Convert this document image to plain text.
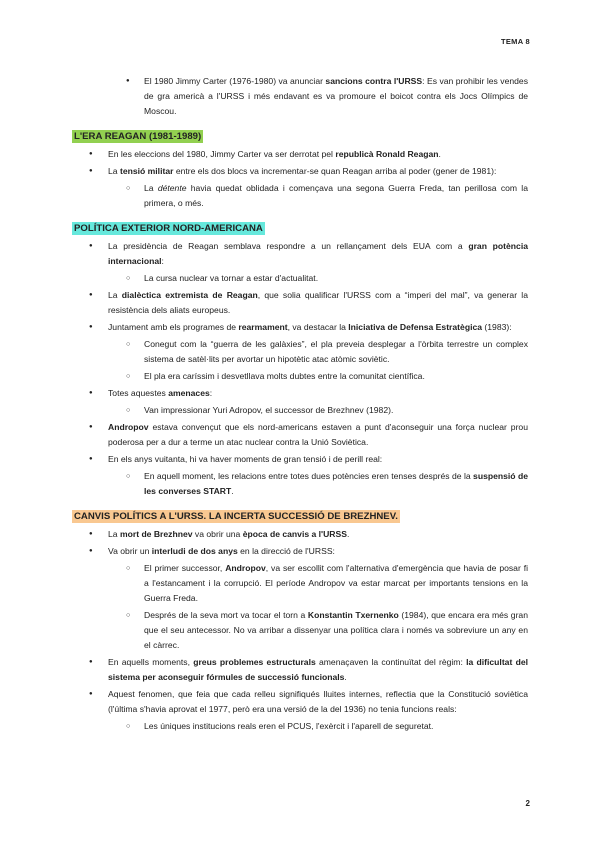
TEMA 8
● El 1980 Jimmy Carter (1976-1980) va anunciar sancions contra l'URSS: Es van prohibir les vendes de gra americà a l'URSS i més endavant es va promoure el boicot contra els Jocs Olímpics de Moscou.
L'ERA REAGAN (1981-1989)
● En les eleccions del 1980, Jimmy Carter va ser derrotat pel republicà Ronald Reagan.
● La tensió militar entre els dos blocs va incrementar-se quan Reagan arriba al poder (gener de 1981):
○ La détente havia quedat oblidada i començava una segona Guerra Freda, tan perillosa com la primera, o més.
POLÍTICA EXTERIOR NORD-AMERICANA
● La presidència de Reagan semblava respondre a un rellançament dels EUA com a gran potència internacional:
○ La cursa nuclear va tornar a estar d'actualitat.
● La dialèctica extremista de Reagan, que solia qualificar l'URSS com a “imperi del mal”, va generar la resistència dels aliats europeus.
● Juntament amb els programes de rearmament, va destacar la Iniciativa de Defensa Estratègica (1983):
○ Conegut com la “guerra de les galàxies”, el pla preveia desplegar a l'òrbita terrestre un complex sistema de satèl·lits per avortar un hipotètic atac atòmic soviètic.
○ El pla era caríssim i desvetllava molts dubtes entre la comunitat científica.
● Totes aquestes amenaces:
○ Van impressionar Yuri Adropov, el successor de Brezhnev (1982).
● Andropov estava convençut que els nord-americans estaven a punt d'aconseguir una força nuclear prou poderosa per a dur a terme un atac nuclear contra la Unió Soviètica.
● En els anys vuitanta, hi va haver moments de gran tensió i de perill real:
○ En aquell moment, les relacions entre totes dues potències eren tenses després de la suspensió de les converses START.
CANVIS POLÍTICS A L'URSS. LA INCERTA SUCCESSIÓ DE BREZHNEV.
● La mort de Brezhnev va obrir una època de canvis a l'URSS.
● Va obrir un interludi de dos anys en la direcció de l'URSS:
○ El primer successor, Andropov, va ser escollit com l'alternativa d'emergència que havia de posar fi a l'estancament i la corrupció. El període Andropov va estar marcat per importants tensions en la Guerra Freda.
○ Després de la seva mort va tocar el torn a Konstantin Txernenko (1984), que encara era més gran que el seu antecessor. No va arribar a dissenyar una política clara i només va sobreviure un any en el càrrec.
● En aquells moments, greus problemes estructurals amenaçaven la continuïtat del règim: la dificultat del sistema per aconseguir fórmules de successió funcionals.
● Aquest fenomen, que feia que cada relleu signifiqués lluites internes, reflectia que la Constitució soviètica (l'última s'havia aprovat el 1977, però era una versió de la del 1936) no tenia funcions reals:
○ Les úniques institucions reals eren el PCUS, l'exèrcit i l'aparell de seguretat.
2
